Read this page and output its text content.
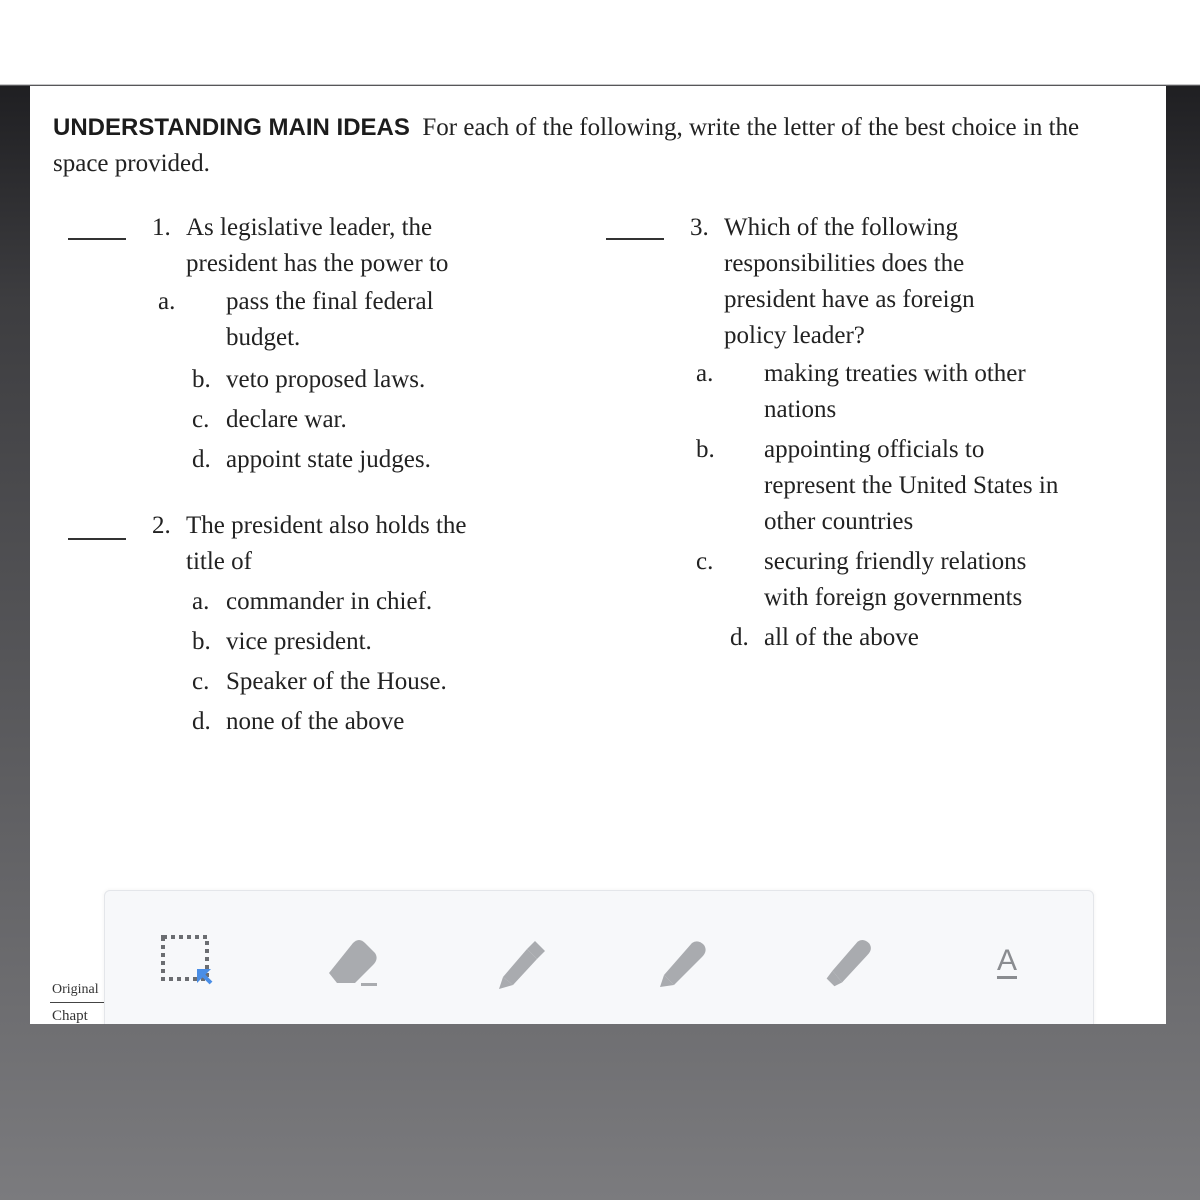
UNDERSTANDING MAIN IDEAS For each of the following, write the letter of the best choice in the space provided.

1. As legislative leader, the
president has the power to
a. pass the final federal budget.
b. veto proposed laws.
c. declare war.
d. appoint state judges.
2. The president also holds the
title of
a. commander in chief.
b. vice president.
c. Speaker of the House.
d. none of the above
3. Which of the following
responsibilities does the
president have as foreign
policy leader?
a. making treaties with other nations
b. appointing officials to represent the United States in other countries
c. securing friendly relations with foreign governments
d. all of the above
Original
Chapt
A
